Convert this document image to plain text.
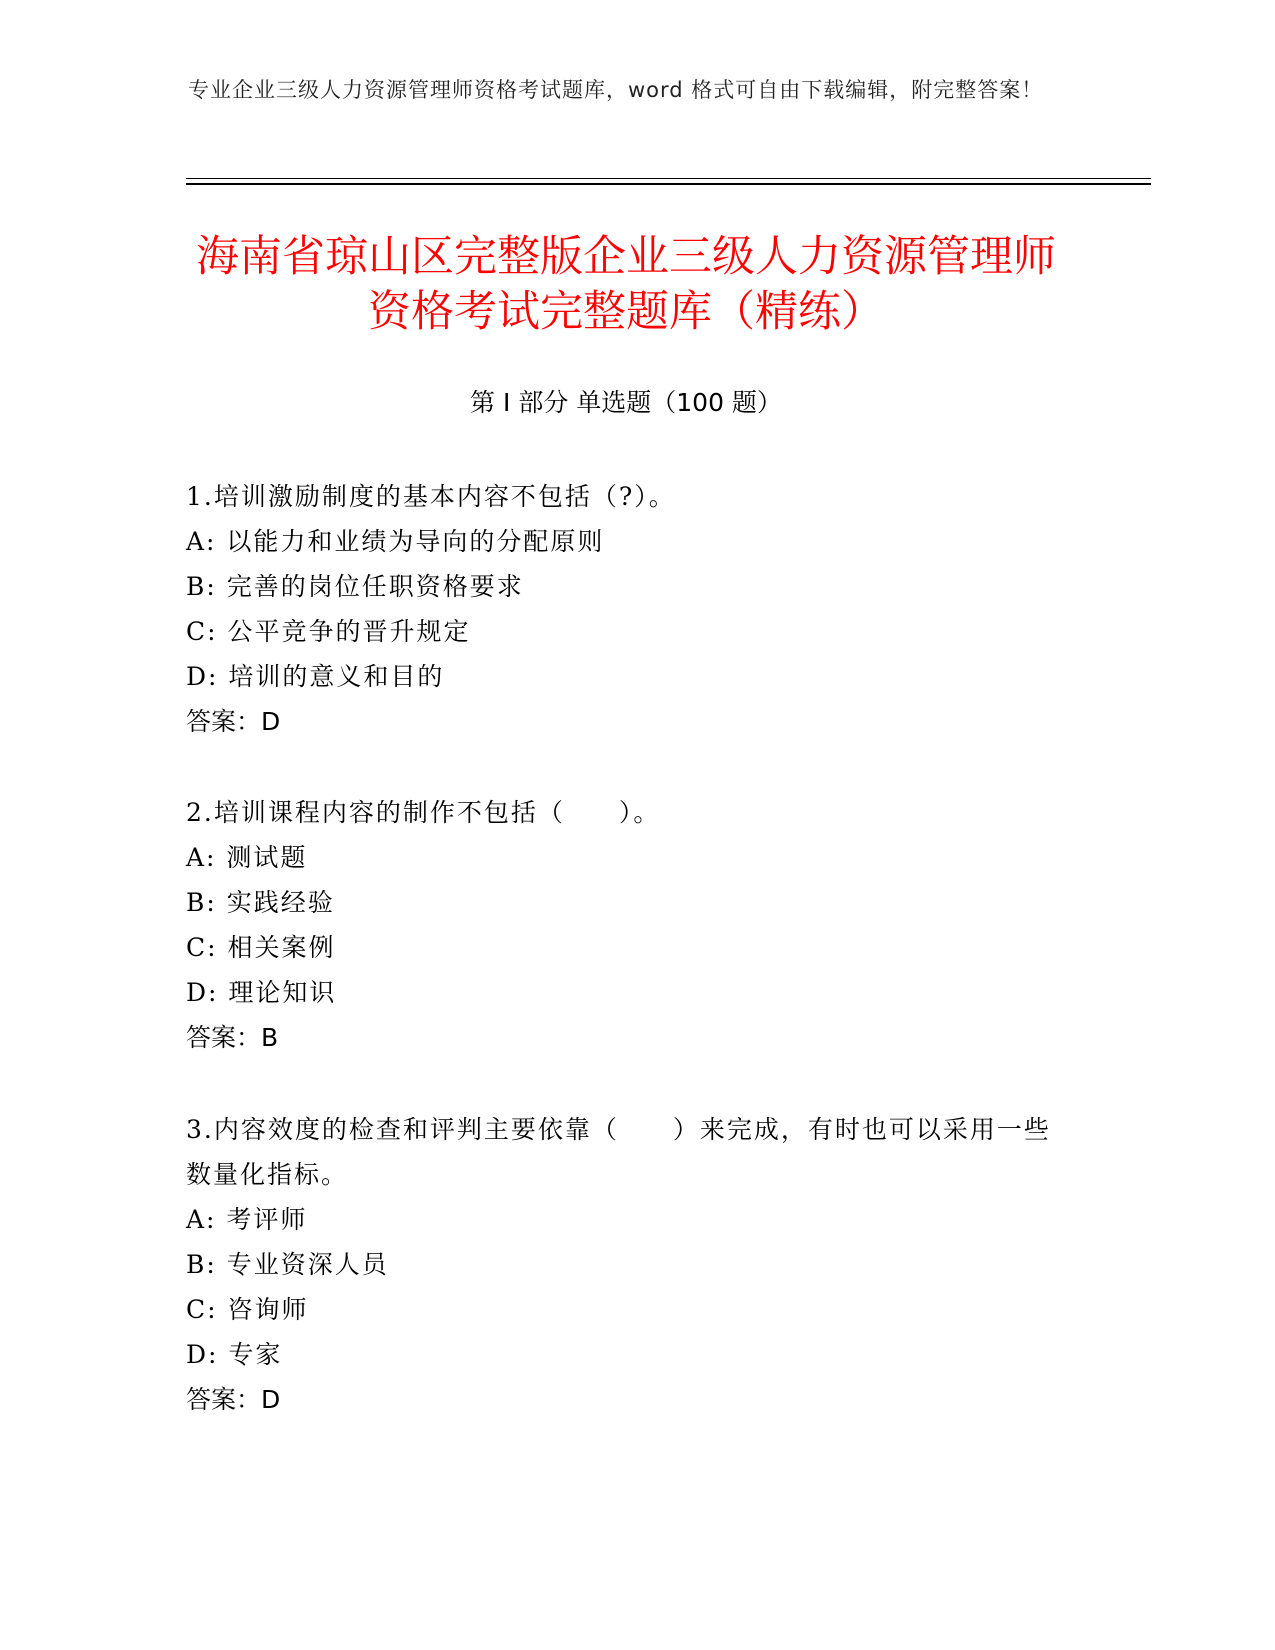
专业企业三级人力资源管理师资格考试题库，word 格式可自由下载编辑，附完整答案！
海南省琼山区完整版企业三级人力资源管理师资格考试完整题库（精练）
第 I 部分 单选题（100 题）

1.培训激励制度的基本内容不包括（?）。

A: 以能力和业绩为导向的分配原则

B: 完善的岗位任职资格要求

C: 公平竞争的晋升规定

D: 培训的意义和目的

答案：D

2.培训课程内容的制作不包括（　　）。

A: 测试题

B: 实践经验

C: 相关案例

D: 理论知识

答案：B

3.内容效度的检查和评判主要依靠（　　）来完成，有时也可以采用一些数量化指标。

A: 考评师

B: 专业资深人员

C: 咨询师

D: 专家

答案：D
